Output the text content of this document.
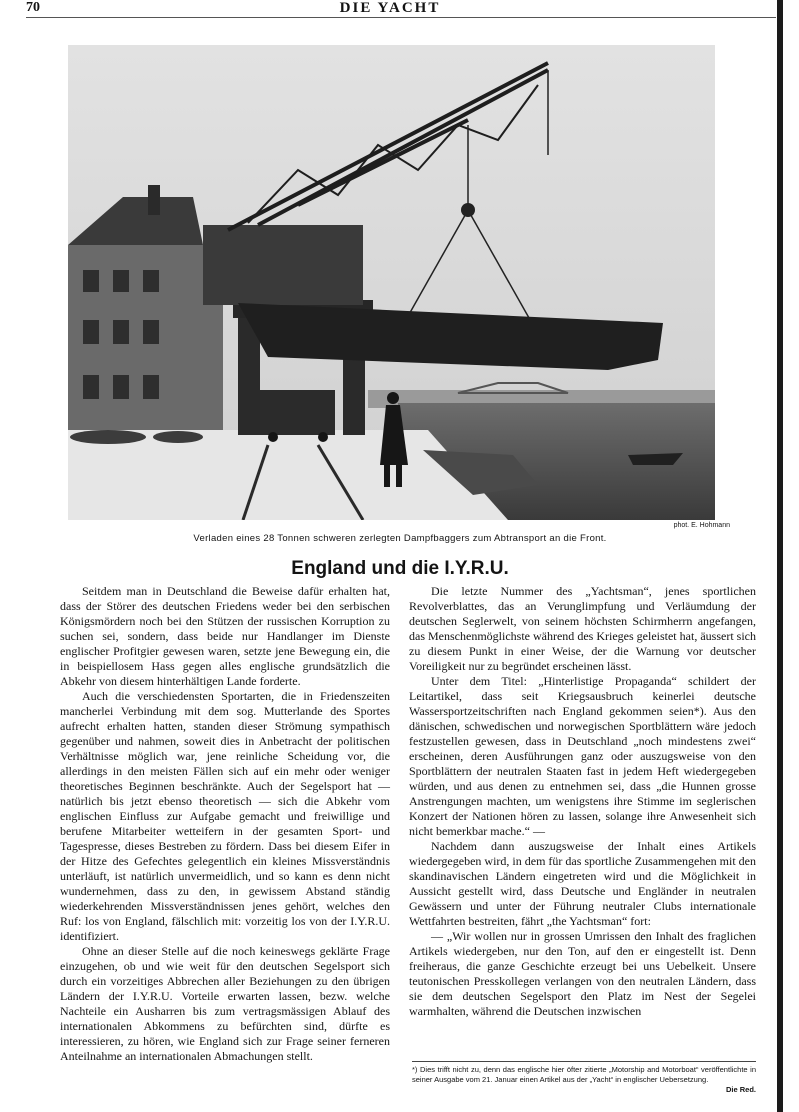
70	DIE YACHT
phot. E. Hohmann
Verladen eines 28 Tonnen schweren zerlegten Dampfbaggers zum Abtransport an die Front.
England und die I.Y.R.U.

Seitdem man in Deutschland die Beweise dafür erhalten hat, dass der Störer des deutschen Friedens weder bei den serbischen Königsmördern noch bei den Stützen der russischen Korruption zu suchen sei, sondern, dass beide nur Handlanger im Dienste englischer Profitgier gewesen waren, setzte jene Bewegung ein, die in beispiellosem Hass gegen alles englische grundsätzlich die Abkehr von diesem hinterhältigen Lande forderte.

Auch die verschiedensten Sportarten, die in Friedenszeiten mancherlei Verbindung mit dem sog. Mutterlande des Sportes aufrecht erhalten hatten, standen dieser Strömung sympathisch gegenüber und nahmen, soweit dies in Anbetracht der politischen Verhältnisse möglich war, jene reinliche Scheidung vor, die allerdings in den meisten Fällen sich auf ein mehr oder weniger theoretisches Beginnen beschränkte. Auch der Segelsport hat — natürlich bis jetzt ebenso theoretisch — sich die Abkehr vom englischen Einfluss zur Aufgabe gemacht und freiwillige und berufene Mitarbeiter wetteifern in der gesamten Sport- und Tagespresse, dieses Bestreben zu fördern. Dass bei diesem Eifer in der Hitze des Gefechtes gelegentlich ein kleines Missverständnis unterläuft, ist natürlich unvermeidlich, und so kann es denn nicht wundernehmen, dass zu den, in gewissem Abstand ständig wiederkehrenden Missverständnissen jenes gehört, welches den Ruf: los von England, fälschlich mit: vorzeitig los von der I.Y.R.U. identifiziert.

Ohne an dieser Stelle auf die noch keineswegs geklärte Frage einzugehen, ob und wie weit für den deutschen Segelsport sich durch ein vorzeitiges Abbrechen aller Beziehungen zu den übrigen Ländern der I.Y.R.U. Vorteile erwarten lassen, bezw. welche Nachteile ein Ausharren bis zum vertragsmässigen Ablauf des internationalen Abkommens zu befürchten sind, dürfte es interessieren, zu hören, wie England sich zur Frage seiner ferneren Anteilnahme an internationalen Abmachungen stellt.

Die letzte Nummer des „Yachtsman“, jenes sportlichen Revolverblattes, das an Verunglimpfung und Verläumdung der deutschen Seglerwelt, von seinem höchsten Schirmherrn angefangen, das Menschenmöglichste während des Krieges geleistet hat, äussert sich zu diesem Punkt in einer Weise, der die Warnung vor deutscher Voreiligkeit nur zu begründet erscheinen lässt.

Unter dem Titel: „Hinterlistige Propaganda“ schildert der Leitartikel, dass seit Kriegsausbruch keinerlei deutsche Wassersportzeitschriften nach England gekommen seien*). Aus den dänischen, schwedischen und norwegischen Sportblättern wäre jedoch festzustellen gewesen, dass in Deutschland „noch mindestens zwei“ erscheinen, deren Ausführungen ganz oder auszugsweise von den Sportblättern der neutralen Staaten fast in jedem Heft wiedergegeben würden, und aus denen zu entnehmen sei, dass „die Hunnen grosse Anstrengungen machten, um wenigstens ihre Stimme im seglerischen Konzert der Nationen hören zu lassen, solange ihre Anwesenheit sich nicht bemerkbar mache.“ —

Nachdem dann auszugsweise der Inhalt eines Artikels wiedergegeben wird, in dem für das sportliche Zusammengehen mit den skandinavischen Ländern eingetreten wird und die Möglichkeit in Aussicht gestellt wird, dass Deutsche und Engländer in neutralen Gewässern und unter der Führung neutraler Clubs internationale Wettfahrten bestreiten, fährt „the Yachtsman“ fort:

— „Wir wollen nur in grossen Umrissen den Inhalt des fraglichen Artikels wiedergeben, nur den Ton, auf den er eingestellt ist. Denn freiheraus, die ganze Geschichte erzeugt bei uns Uebelkeit. Unsere teutonischen Presskollegen verlangen von den neutralen Ländern, dass sie dem deutschen Segelsport den Platz im Nest der Segelei warmhalten, während die Deutschen inzwischen

*) Dies trifft nicht zu, denn das englische hier öfter zitierte „Motorship and Motorboat“ veröffentlichte in seiner Ausgabe vom 21. Januar einen Artikel aus der „Yacht“ in englischer Uebersetzung.
Die Red.
